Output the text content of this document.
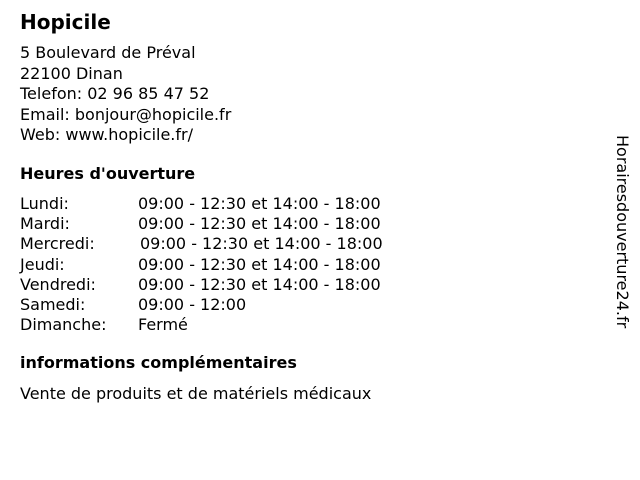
Hopicile
5 Boulevard de Préval
22100 Dinan
Telefon: 02 96 85 47 52
Email: bonjour@hopicile.fr
Web: www.hopicile.fr/
Heures d'ouverture
Lundi:	09:00 - 12:30 et 14:00 - 18:00
Mardi:	09:00 - 12:30 et 14:00 - 18:00
Mercredi:	09:00 - 12:30 et 14:00 - 18:00
Jeudi:	09:00 - 12:30 et 14:00 - 18:00
Vendredi:	09:00 - 12:30 et 14:00 - 18:00
Samedi:	09:00 - 12:00
Dimanche:	Fermé
informations complémentaires
Vente de produits et de matériels médicaux
Horairesdouverture24.fr
